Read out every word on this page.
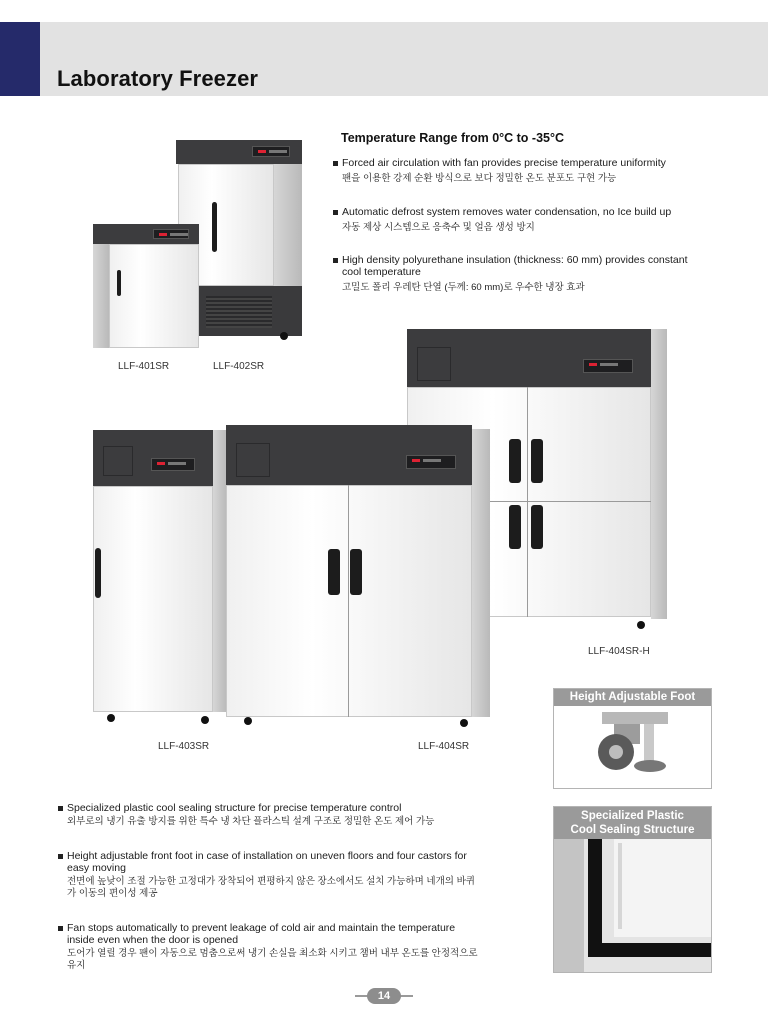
Laboratory Freezer
Temperature Range from 0°C to -35°C
Forced air circulation with fan provides precise temperature uniformity
팬을 이용한 강제 순환 방식으로 보다 정밀한 온도 분포도 구현 가능
Automatic defrost system removes water condensation, no Ice build up
자동 제상 시스템으로 응축수 및 얼음 생성 방지
High density polyurethane insulation (thickness: 60 mm) provides constant cool temperature
고밀도 폴리 우레탄 단열 (두께: 60 mm)로 우수한 냉장 효과
LLF-401SR	LLF-402SR
LLF-404SR-H
LLF-403SR	LLF-404SR
Height Adjustable Foot
Specialized Plastic
Cool Sealing Structure
Specialized plastic cool sealing structure for precise temperature control
외부로의 냉기 유출 방지를 위한 특수 냉 차단 플라스틱 설계 구조로 정밀한 온도 제어 가능
Height adjustable front foot in case of installation on uneven floors and four castors for easy moving
전면에 높낮이 조절 가능한 고정대가 장착되어 편평하지 않은 장소에서도 설치 가능하며 네개의 바퀴가 이동의 편이성 제공
Fan stops automatically to prevent leakage of cold air and maintain the temperature inside even when the door is opened
도어가 열릴 경우 팬이 자동으로 멈춤으로써 냉기 손실을 최소화 시키고 챔버 내부 온도를 안정적으로 유지
14
